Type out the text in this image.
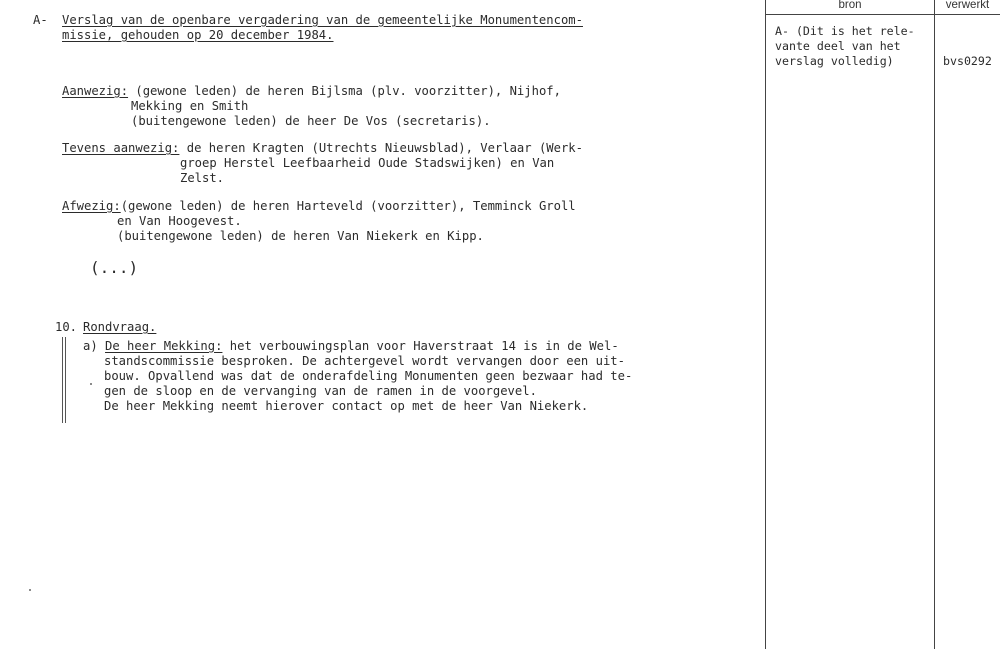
bron	verwerkt
A- (Dit is het rele-
vante deel van het
verslag volledig)	bvs0292
A- Verslag van de openbare vergadering van de gemeentelijke Monumentencom-
missie, gehouden op 20 december 1984.
Aanwezig: (gewone leden) de heren Bijlsma (plv. voorzitter), Nijhof,
Mekking en Smith
(buitengewone leden) de heer De Vos (secretaris).
Tevens aanwezig: de heren Kragten (Utrechts Nieuwsblad), Verlaar (Werk-
groep Herstel Leefbaarheid Oude Stadswijken) en Van
Zelst.
Afwezig:(gewone leden) de heren Harteveld (voorzitter), Temminck Groll
en Van Hoogevest.
(buitengewone leden) de heren Van Niekerk en Kipp.
(...)
10. Rondvraag.
a) De heer Mekking: het verbouwingsplan voor Haverstraat 14 is in de Wel-
standscommissie besproken. De achtergevel wordt vervangen door een uit-
bouw. Opvallend was dat de onderafdeling Monumenten geen bezwaar had te-
gen de sloop en de vervanging van de ramen in de voorgevel.
De heer Mekking neemt hierover contact op met de heer Van Niekerk.
